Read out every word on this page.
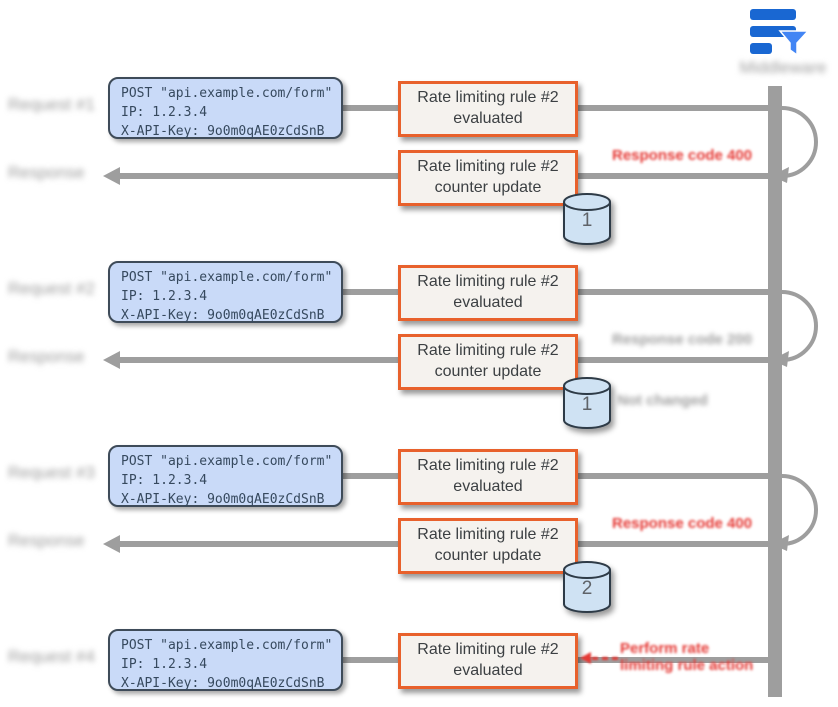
Middleware
Request #1
POST "api.example.com/form"
IP: 1.2.3.4
X-API-Key: 9o0m0qAE0zCdSnB
Rate limiting rule #2
evaluated
Response	Rate limiting rule #2
counter update
Response code 400
1
Request #2
POST "api.example.com/form"
IP: 1.2.3.4
X-API-Key: 9o0m0qAE0zCdSnB
Rate limiting rule #2
evaluated
Response	Rate limiting rule #2
counter update
Response code 200
1	Not changed
Request #3
POST "api.example.com/form"
IP: 1.2.3.4
X-API-Key: 9o0m0qAE0zCdSnB
Rate limiting rule #2
evaluated
Response	Rate limiting rule #2
counter update
Response code 400
2
Request #4
POST "api.example.com/form"
IP: 1.2.3.4
X-API-Key: 9o0m0qAE0zCdSnB
Rate limiting rule #2
evaluated
Perform rate
limiting rule action
